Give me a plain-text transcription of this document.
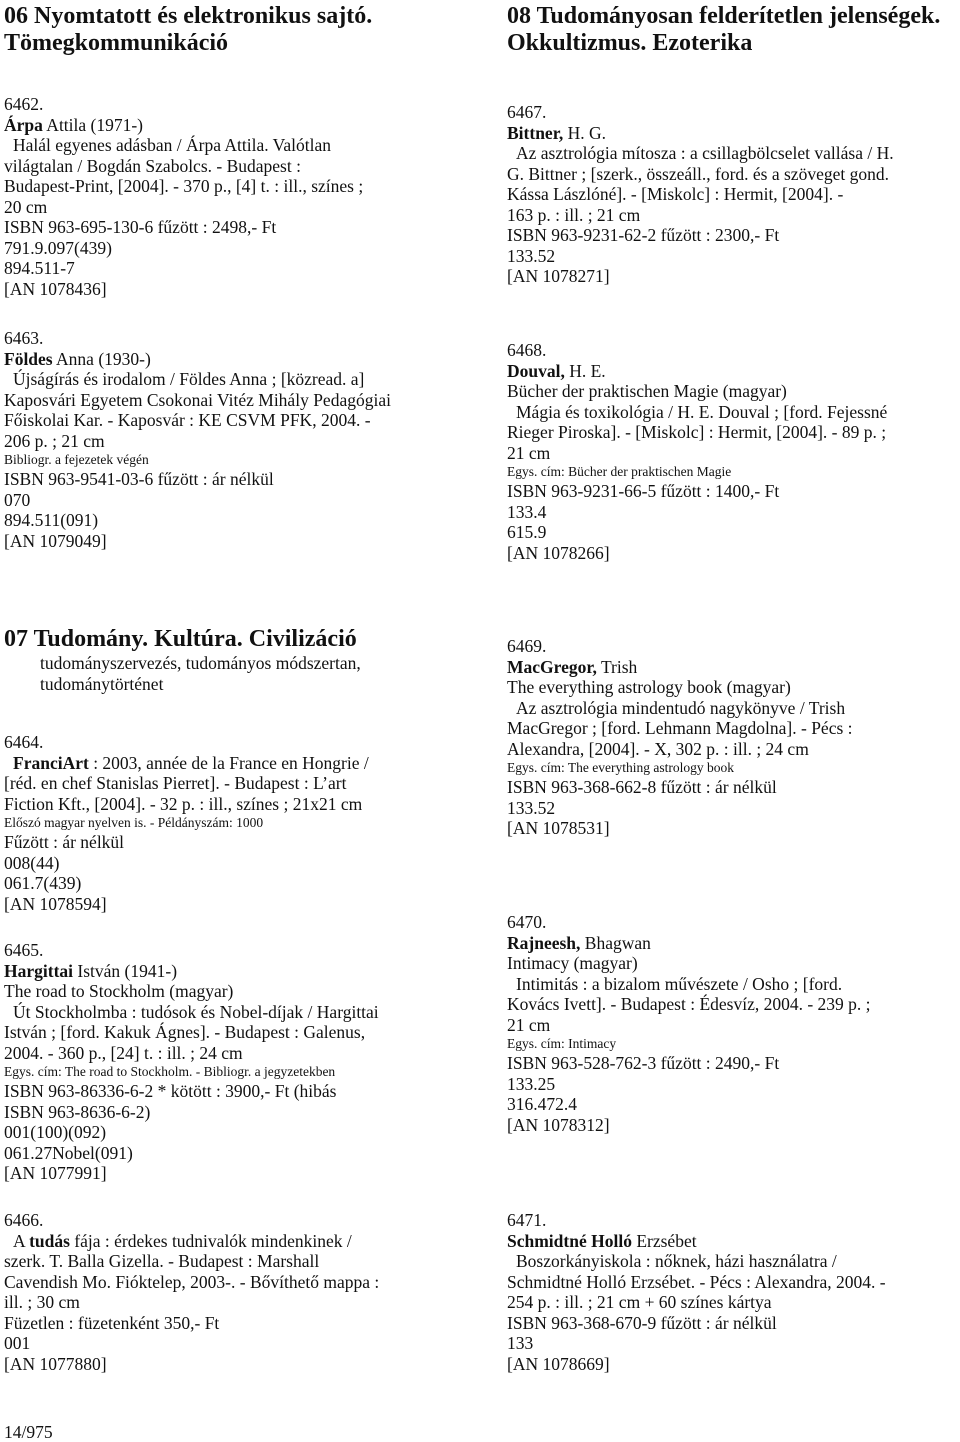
06 Nyomtatott és elektronikus sajtó.
Tömegkommunikáció
6462.
Árpa Attila (1971-)
Halál egyenes adásban / Árpa Attila. Valótlan
világtalan / Bogdán Szabolcs. - Budapest :
Budapest-Print, [2004]. - 370 p., [4] t. : ill., színes ;
20 cm
ISBN 963-695-130-6 fűzött : 2498,- Ft
791.9.097(439)
894.511-7
[AN 1078436]
6463.
Földes Anna (1930-)
Újságírás és irodalom / Földes Anna ; [közread. a]
Kaposvári Egyetem Csokonai Vitéz Mihály Pedagógiai
Főiskolai Kar. - Kaposvár : KE CSVM PFK, 2004. -
206 p. ; 21 cm
Bibliogr. a fejezetek végén
ISBN 963-9541-03-6 fűzött : ár nélkül
070
894.511(091)
[AN 1079049]
07 Tudomány. Kultúra. Civilizáció
tudományszervezés, tudományos módszertan,
tudománytörténet
6464.
FranciArt : 2003, année de la France en Hongrie /
[réd. en chef Stanislas Pierret]. - Budapest : L’art
Fiction Kft., [2004]. - 32 p. : ill., színes ; 21x21 cm
Előszó magyar nyelven is. - Példányszám: 1000
Fűzött : ár nélkül
008(44)
061.7(439)
[AN 1078594]
6465.
Hargittai István (1941-)
The road to Stockholm (magyar)
Út Stockholmba : tudósok és Nobel-díjak / Hargittai
István ; [ford. Kakuk Ágnes]. - Budapest : Galenus,
2004. - 360 p., [24] t. : ill. ; 24 cm
Egys. cím: The road to Stockholm. - Bibliogr. a jegyzetekben
ISBN 963-86336-6-2 * kötött : 3900,- Ft (hibás
ISBN 963-8636-6-2)
001(100)(092)
061.27Nobel(091)
[AN 1077991]
6466.
A tudás fája : érdekes tudnivalók mindenkinek /
szerk. T. Balla Gizella. - Budapest : Marshall
Cavendish Mo. Fióktelep, 2003-. - Bővíthető mappa :
ill. ; 30 cm
Füzetlen : füzetenként 350,- Ft
001
[AN 1077880]
08 Tudományosan felderítetlen jelenségek.
Okkultizmus. Ezoterika
6467.
Bittner, H. G.
Az asztrológia mítosza : a csillagbölcselet vallása / H.
G. Bittner ; [szerk., összeáll., ford. és a szöveget gond.
Kássa Lászlóné]. - [Miskolc] : Hermit, [2004]. -
163 p. : ill. ; 21 cm
ISBN 963-9231-62-2 fűzött : 2300,- Ft
133.52
[AN 1078271]
6468.
Douval, H. E.
Bücher der praktischen Magie (magyar)
Mágia és toxikológia / H. E. Douval ; [ford. Fejessné
Rieger Piroska]. - [Miskolc] : Hermit, [2004]. - 89 p. ;
21 cm
Egys. cím: Bücher der praktischen Magie
ISBN 963-9231-66-5 fűzött : 1400,- Ft
133.4
615.9
[AN 1078266]
6469.
MacGregor, Trish
The everything astrology book (magyar)
Az asztrológia mindentudó nagykönyve / Trish
MacGregor ; [ford. Lehmann Magdolna]. - Pécs :
Alexandra, [2004]. - X, 302 p. : ill. ; 24 cm
Egys. cím: The everything astrology book
ISBN 963-368-662-8 fűzött : ár nélkül
133.52
[AN 1078531]
6470.
Rajneesh, Bhagwan
Intimacy (magyar)
Intimitás : a bizalom művészete / Osho ; [ford.
Kovács Ivett]. - Budapest : Édesvíz, 2004. - 239 p. ;
21 cm
Egys. cím: Intimacy
ISBN 963-528-762-3 fűzött : 2490,- Ft
133.25
316.472.4
[AN 1078312]
6471.
Schmidtné Holló Erzsébet
Boszorkányiskola : nőknek, házi használatra /
Schmidtné Holló Erzsébet. - Pécs : Alexandra, 2004. -
254 p. : ill. ; 21 cm + 60 színes kártya
ISBN 963-368-670-9 fűzött : ár nélkül
133
[AN 1078669]
14/975
